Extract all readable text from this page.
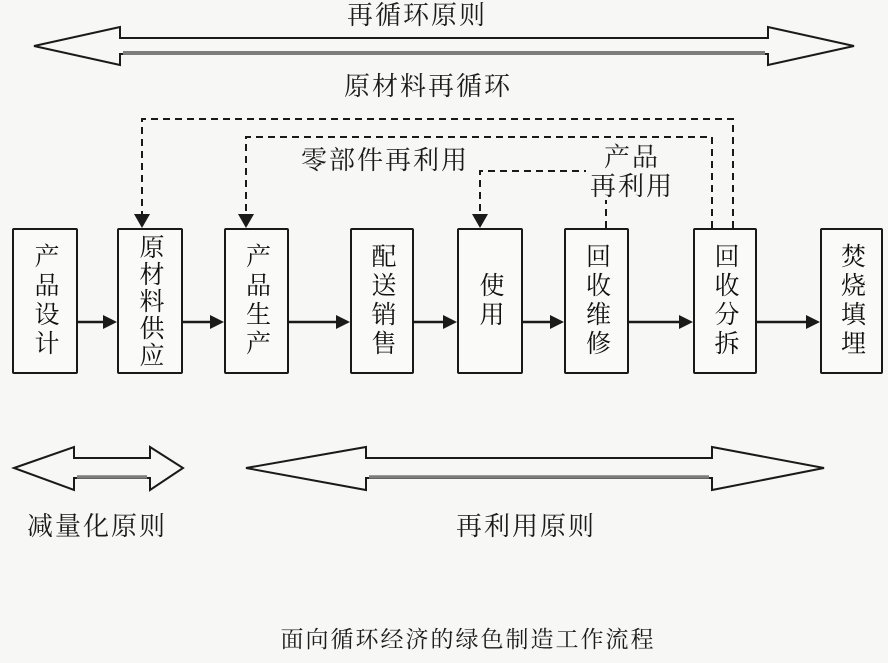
再循环原则
原材料再循环
零部件再利用	产品
再利用
产品设计	原材料供应	产品生产	配送销售	使用	回收维修	回收分拆	焚烧填埋
减量化原则	再利用原则
面向循环经济的绿色制造工作流程
